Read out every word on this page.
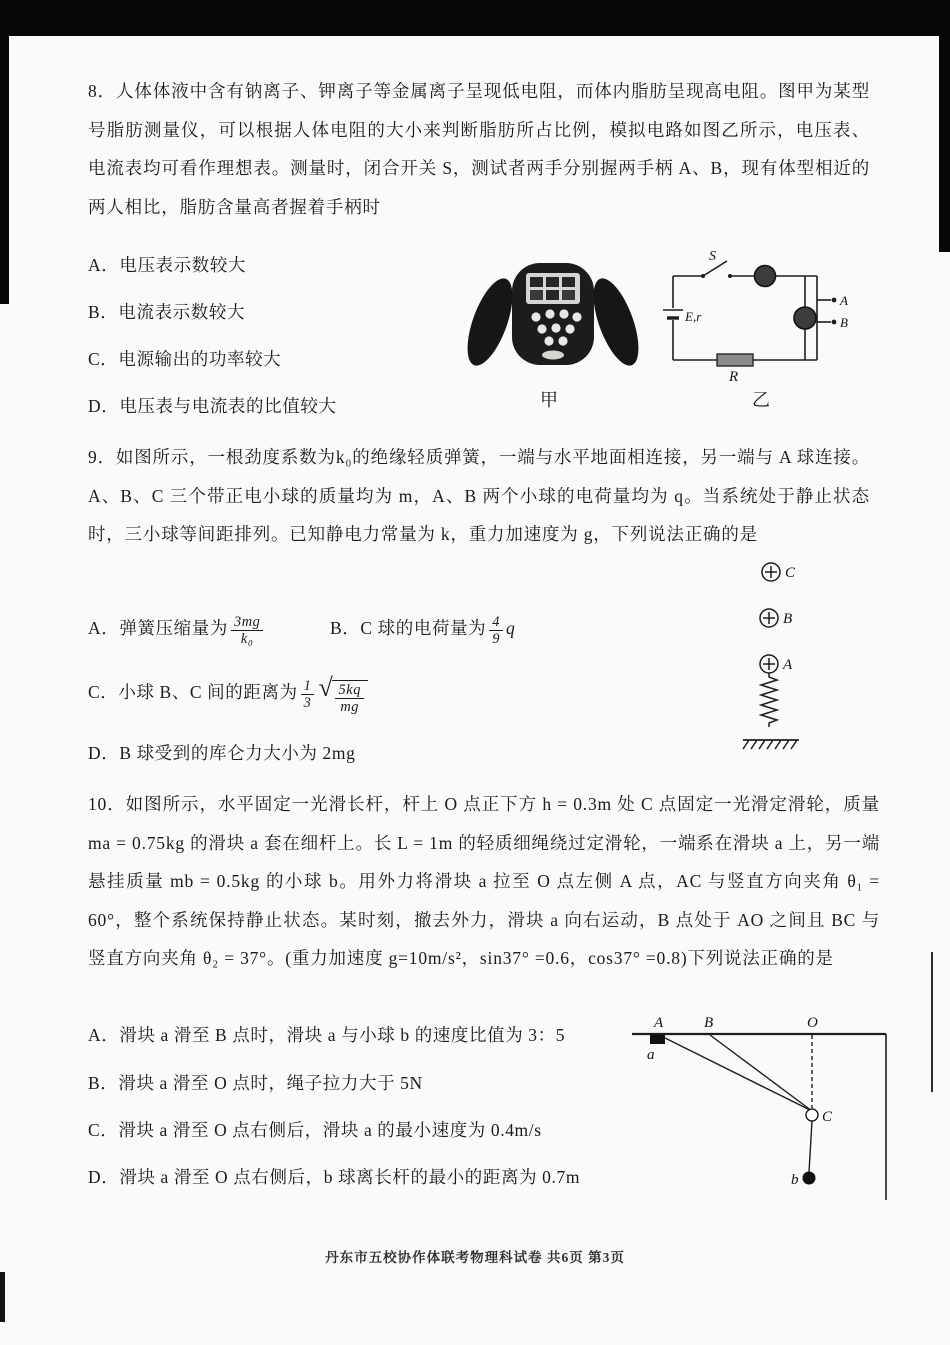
8．人体体液中含有钠离子、钾离子等金属离子呈现低电阻，而体内脂肪呈现高电阻。图甲为某型号脂肪测量仪，可以根据人体电阻的大小来判断脂肪所占比例，模拟电路如图乙所示，电压表、电流表均可看作理想表。测量时，闭合开关 S，测试者两手分别握两手柄 A、B，现有体型相近的两人相比，脂肪含量高者握着手柄时
A．电压表示数较大
B．电流表示数较大
C．电源输出的功率较大
D．电压表与电流表的比值较大	甲
S
E,r
R
A
B
乙
9．如图所示，一根劲度系数为k₀的绝缘轻质弹簧，一端与水平地面相连接，另一端与 A 球连接。A、B、C 三个带正电小球的质量均为 m，A、B 两个小球的电荷量均为 q。当系统处于静止状态时，三小球等间距排列。已知静电力常量为 k，重力加速度为 g，下列说法正确的是
A．弹簧压缩量为 $\frac{3mg}{\text{k₀}}$	B．C 球的电荷量为 $\frac{4}{9}$ q
C．小球 B、C 间的距离为 $\frac{1}{3}$ √ $\frac{5kq}{mg}$
D．B 球受到的库仑力大小为 2mg
C
B
A
10．如图所示，水平固定一光滑长杆，杆上 O 点正下方 h = 0.3m 处 C 点固定一光滑定滑轮，质量 ma = 0.75kg 的滑块 a 套在细杆上。长 L = 1m 的轻质细绳绕过定滑轮，一端系在滑块 a 上，另一端悬挂质量 mb = 0.5kg 的小球 b。用外力将滑块 a 拉至 O 点左侧 A 点，AC 与竖直方向夹角 θ₁ = 60°，整个系统保持静止状态。某时刻，撤去外力，滑块 a 向右运动，B 点处于 AO 之间且 BC 与竖直方向夹角 θ₂ = 37°。(重力加速度 g=10m/s²，sin37° =0.6，cos37° =0.8)下列说法正确的是
A．滑块 a 滑至 B 点时，滑块 a 与小球 b 的速度比值为 3：5
B．滑块 a 滑至 O 点时，绳子拉力大于 5N
C．滑块 a 滑至 O 点右侧后，滑块 a 的最小速度为 0.4m/s
D．滑块 a 滑至 O 点右侧后，b 球离长杆的最小的距离为 0.7m
A	B	O
a
C
b
丹东市五校协作体联考物理科试卷 共6页 第3页
